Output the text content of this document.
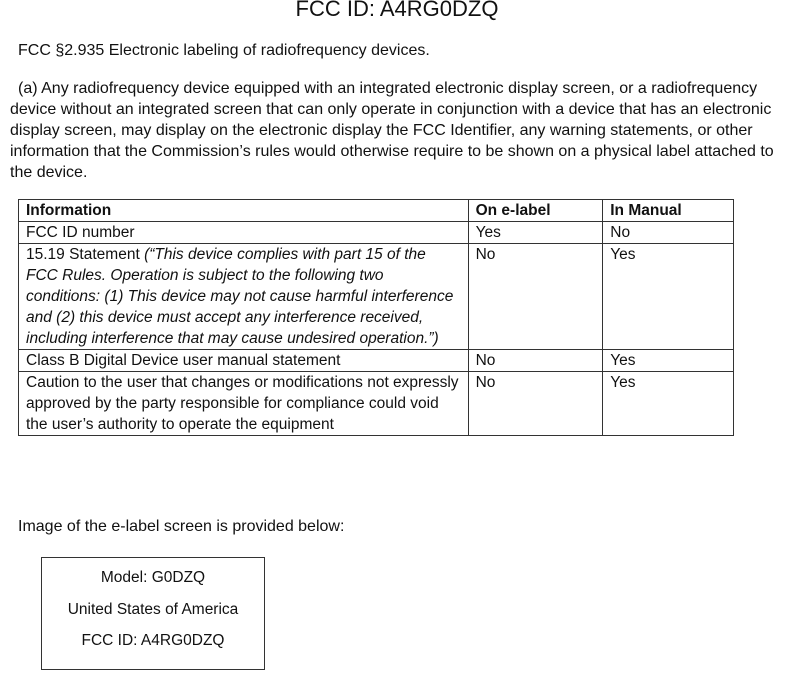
FCC ID: A4RG0DZQ
FCC §2.935 Electronic labeling of radiofrequency devices.
(a) Any radiofrequency device equipped with an integrated electronic display screen, or a radiofrequency device without an integrated screen that can only operate in conjunction with a device that has an electronic display screen, may display on the electronic display the FCC Identifier, any warning statements, or other information that the Commission’s rules would otherwise require to be shown on a physical label attached to the device.
Information	On e-label	In Manual
FCC ID number	Yes	No
15.19 Statement (“This device complies with part 15 of the FCC Rules. Operation is subject to the following two conditions: (1) This device may not cause harmful interference and (2) this device must accept any interference received, including interference that may cause undesired operation.”)	No	Yes
Class B Digital Device user manual statement	No	Yes
Caution to the user that changes or modifications not expressly approved by the party responsible for compliance could void the user’s authority to operate the equipment	No	Yes
Image of the e-label screen is provided below:
Model: G0DZQ
United States of America
FCC ID: A4RG0DZQ
